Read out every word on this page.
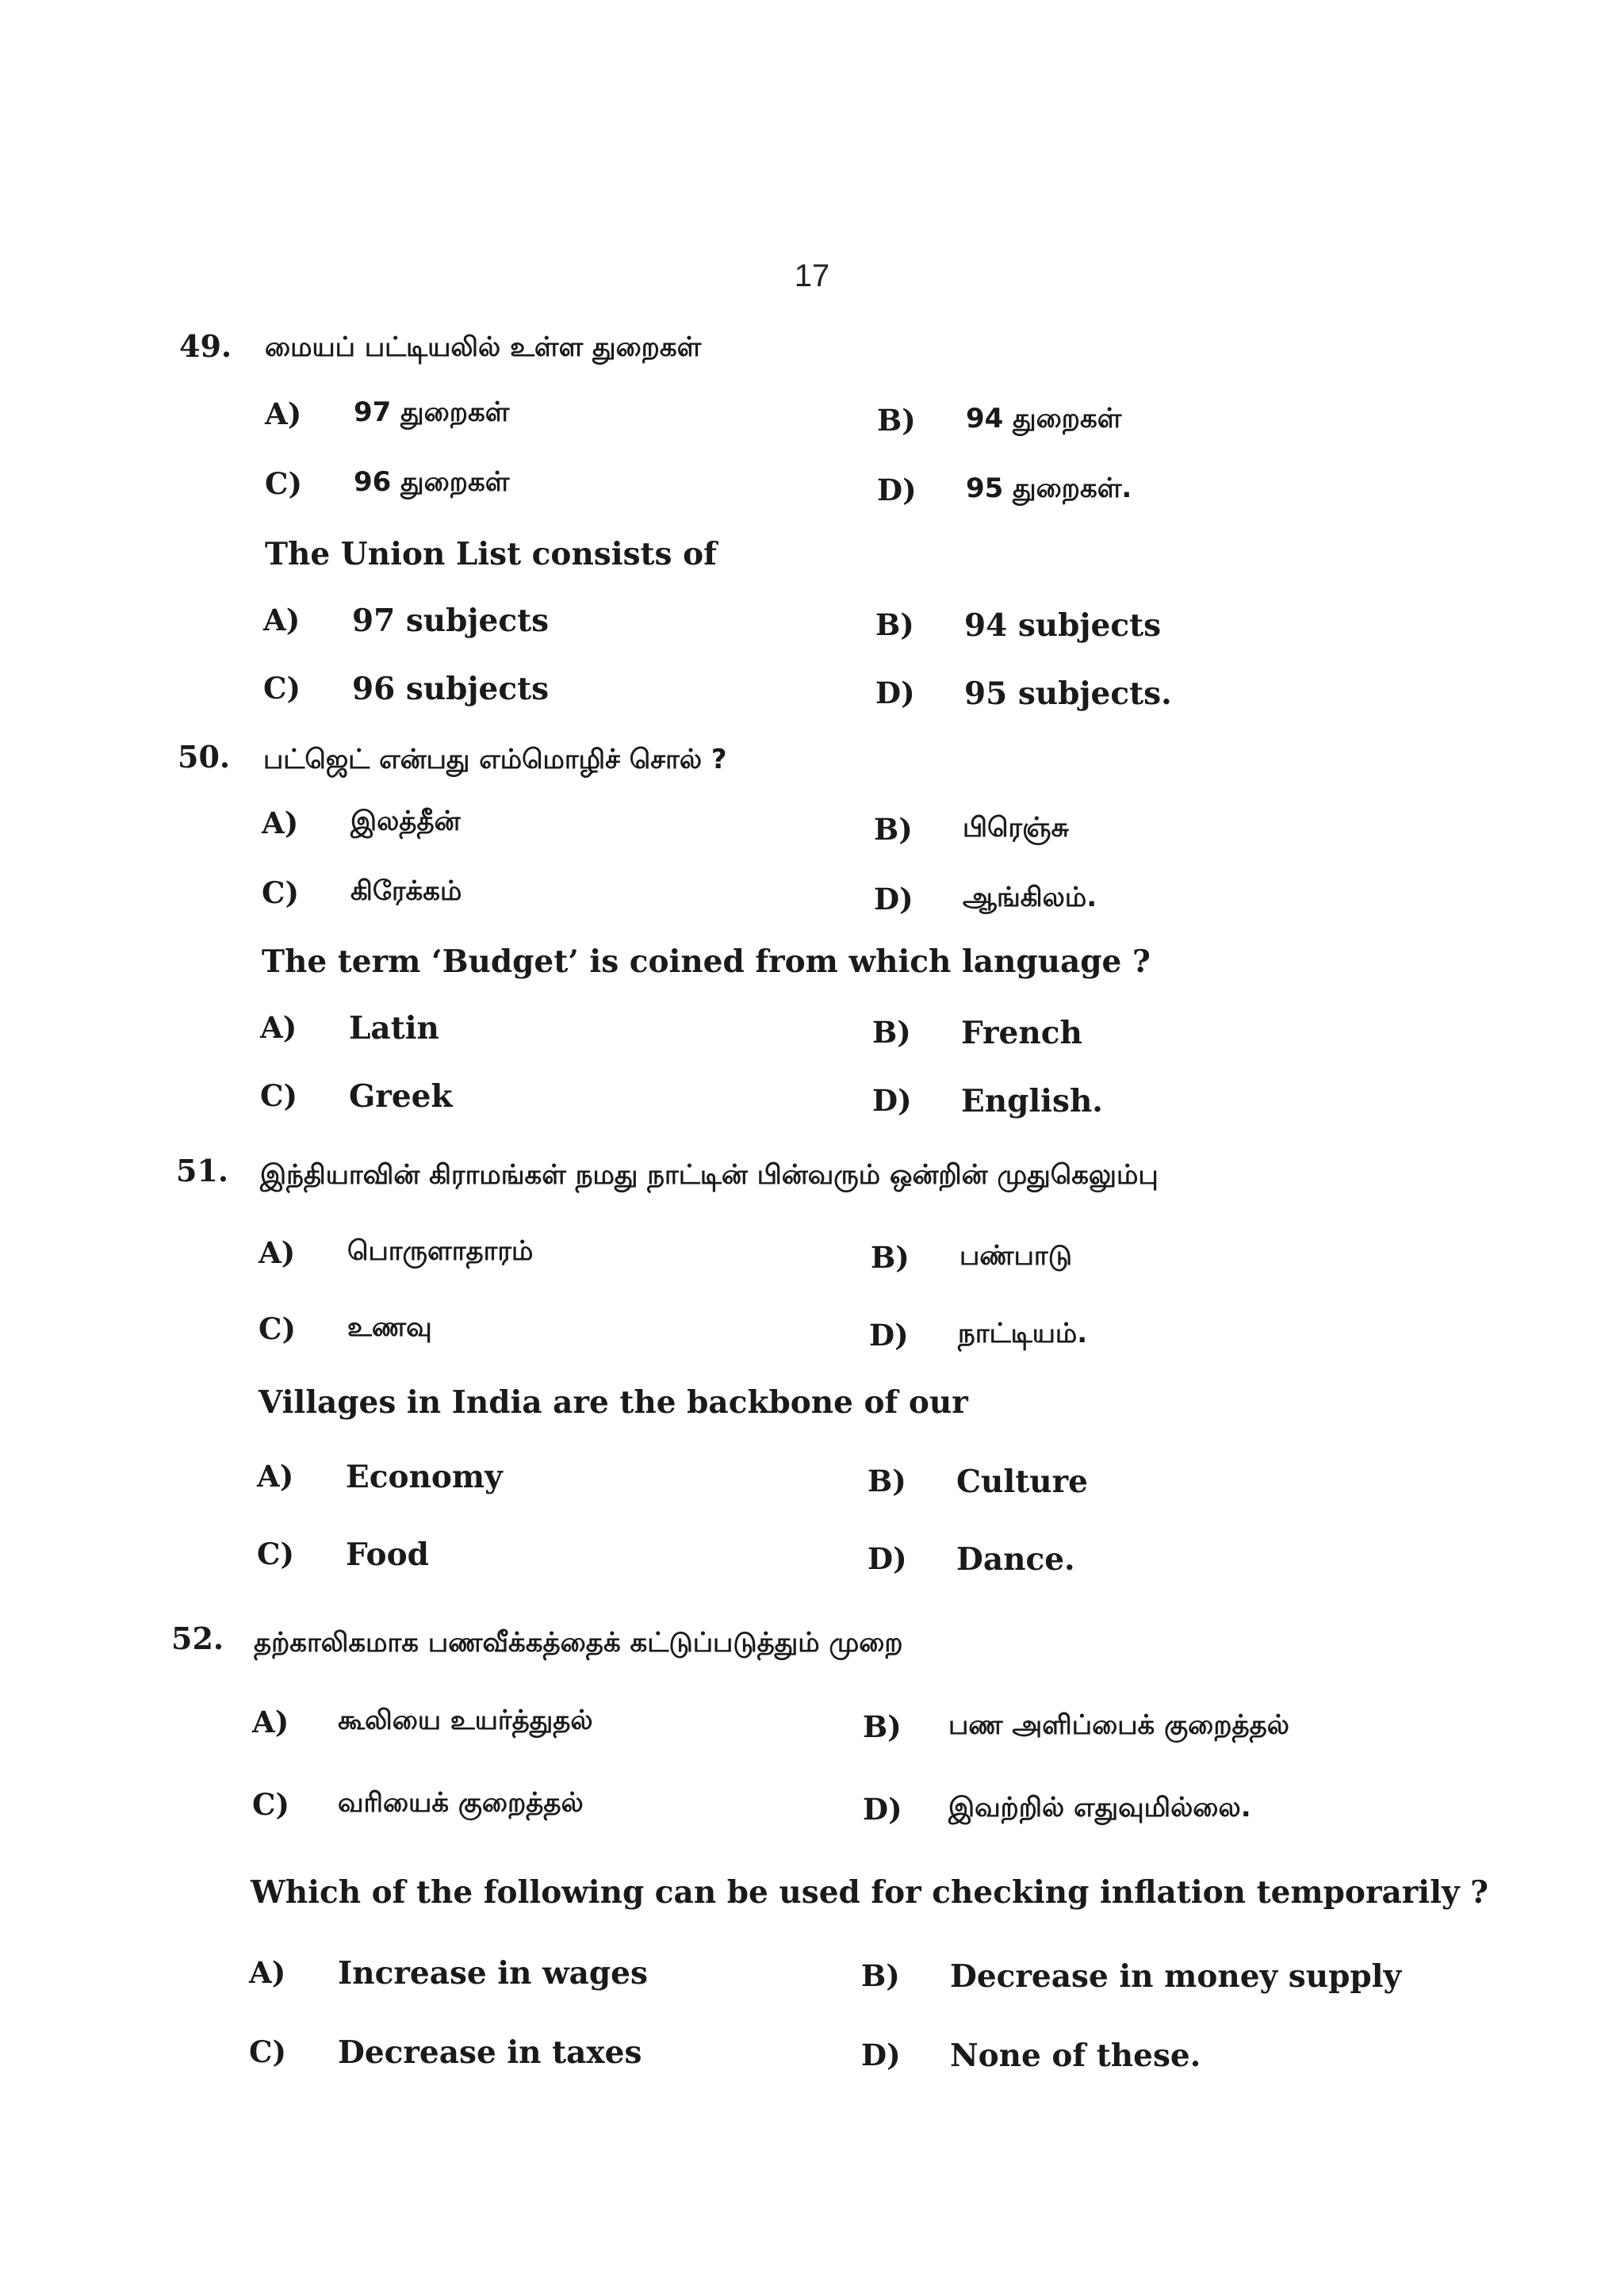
17
49. மையப் பட்டியலில் உள்ள துறைகள்
A) 97 துறைகள்	B) 94 துறைகள்
C) 96 துறைகள்	D) 95 துறைகள்.
The Union List consists of
A) 97 subjects	B) 94 subjects
C) 96 subjects	D) 95 subjects.
50. பட்ஜெட் என்பது எம்மொழிச் சொல் ?
A) இலத்தீன்	B) பிரெஞ்சு
C) கிரேக்கம்	D) ஆங்கிலம்.
The term ‘Budget’ is coined from which language ?
A) Latin	B) French
C) Greek	D) English.
51. இந்தியாவின் கிராமங்கள் நமது நாட்டின் பின்வரும் ஒன்றின் முதுகெலும்பு
A) பொருளாதாரம்	B) பண்பாடு
C) உணவு	D) நாட்டியம்.
Villages in India are the backbone of our
A) Economy	B) Culture
C) Food	D) Dance.
52. தற்காலிகமாக பணவீக்கத்தைக் கட்டுப்படுத்தும் முறை
A) கூலியை உயர்த்துதல்	B) பண அளிப்பைக் குறைத்தல்
C) வரியைக் குறைத்தல்	D) இவற்றில் எதுவுமில்லை.
Which of the following can be used for checking inflation temporarily ?
A) Increase in wages	B) Decrease in money supply
C) Decrease in taxes	D) None of these.
